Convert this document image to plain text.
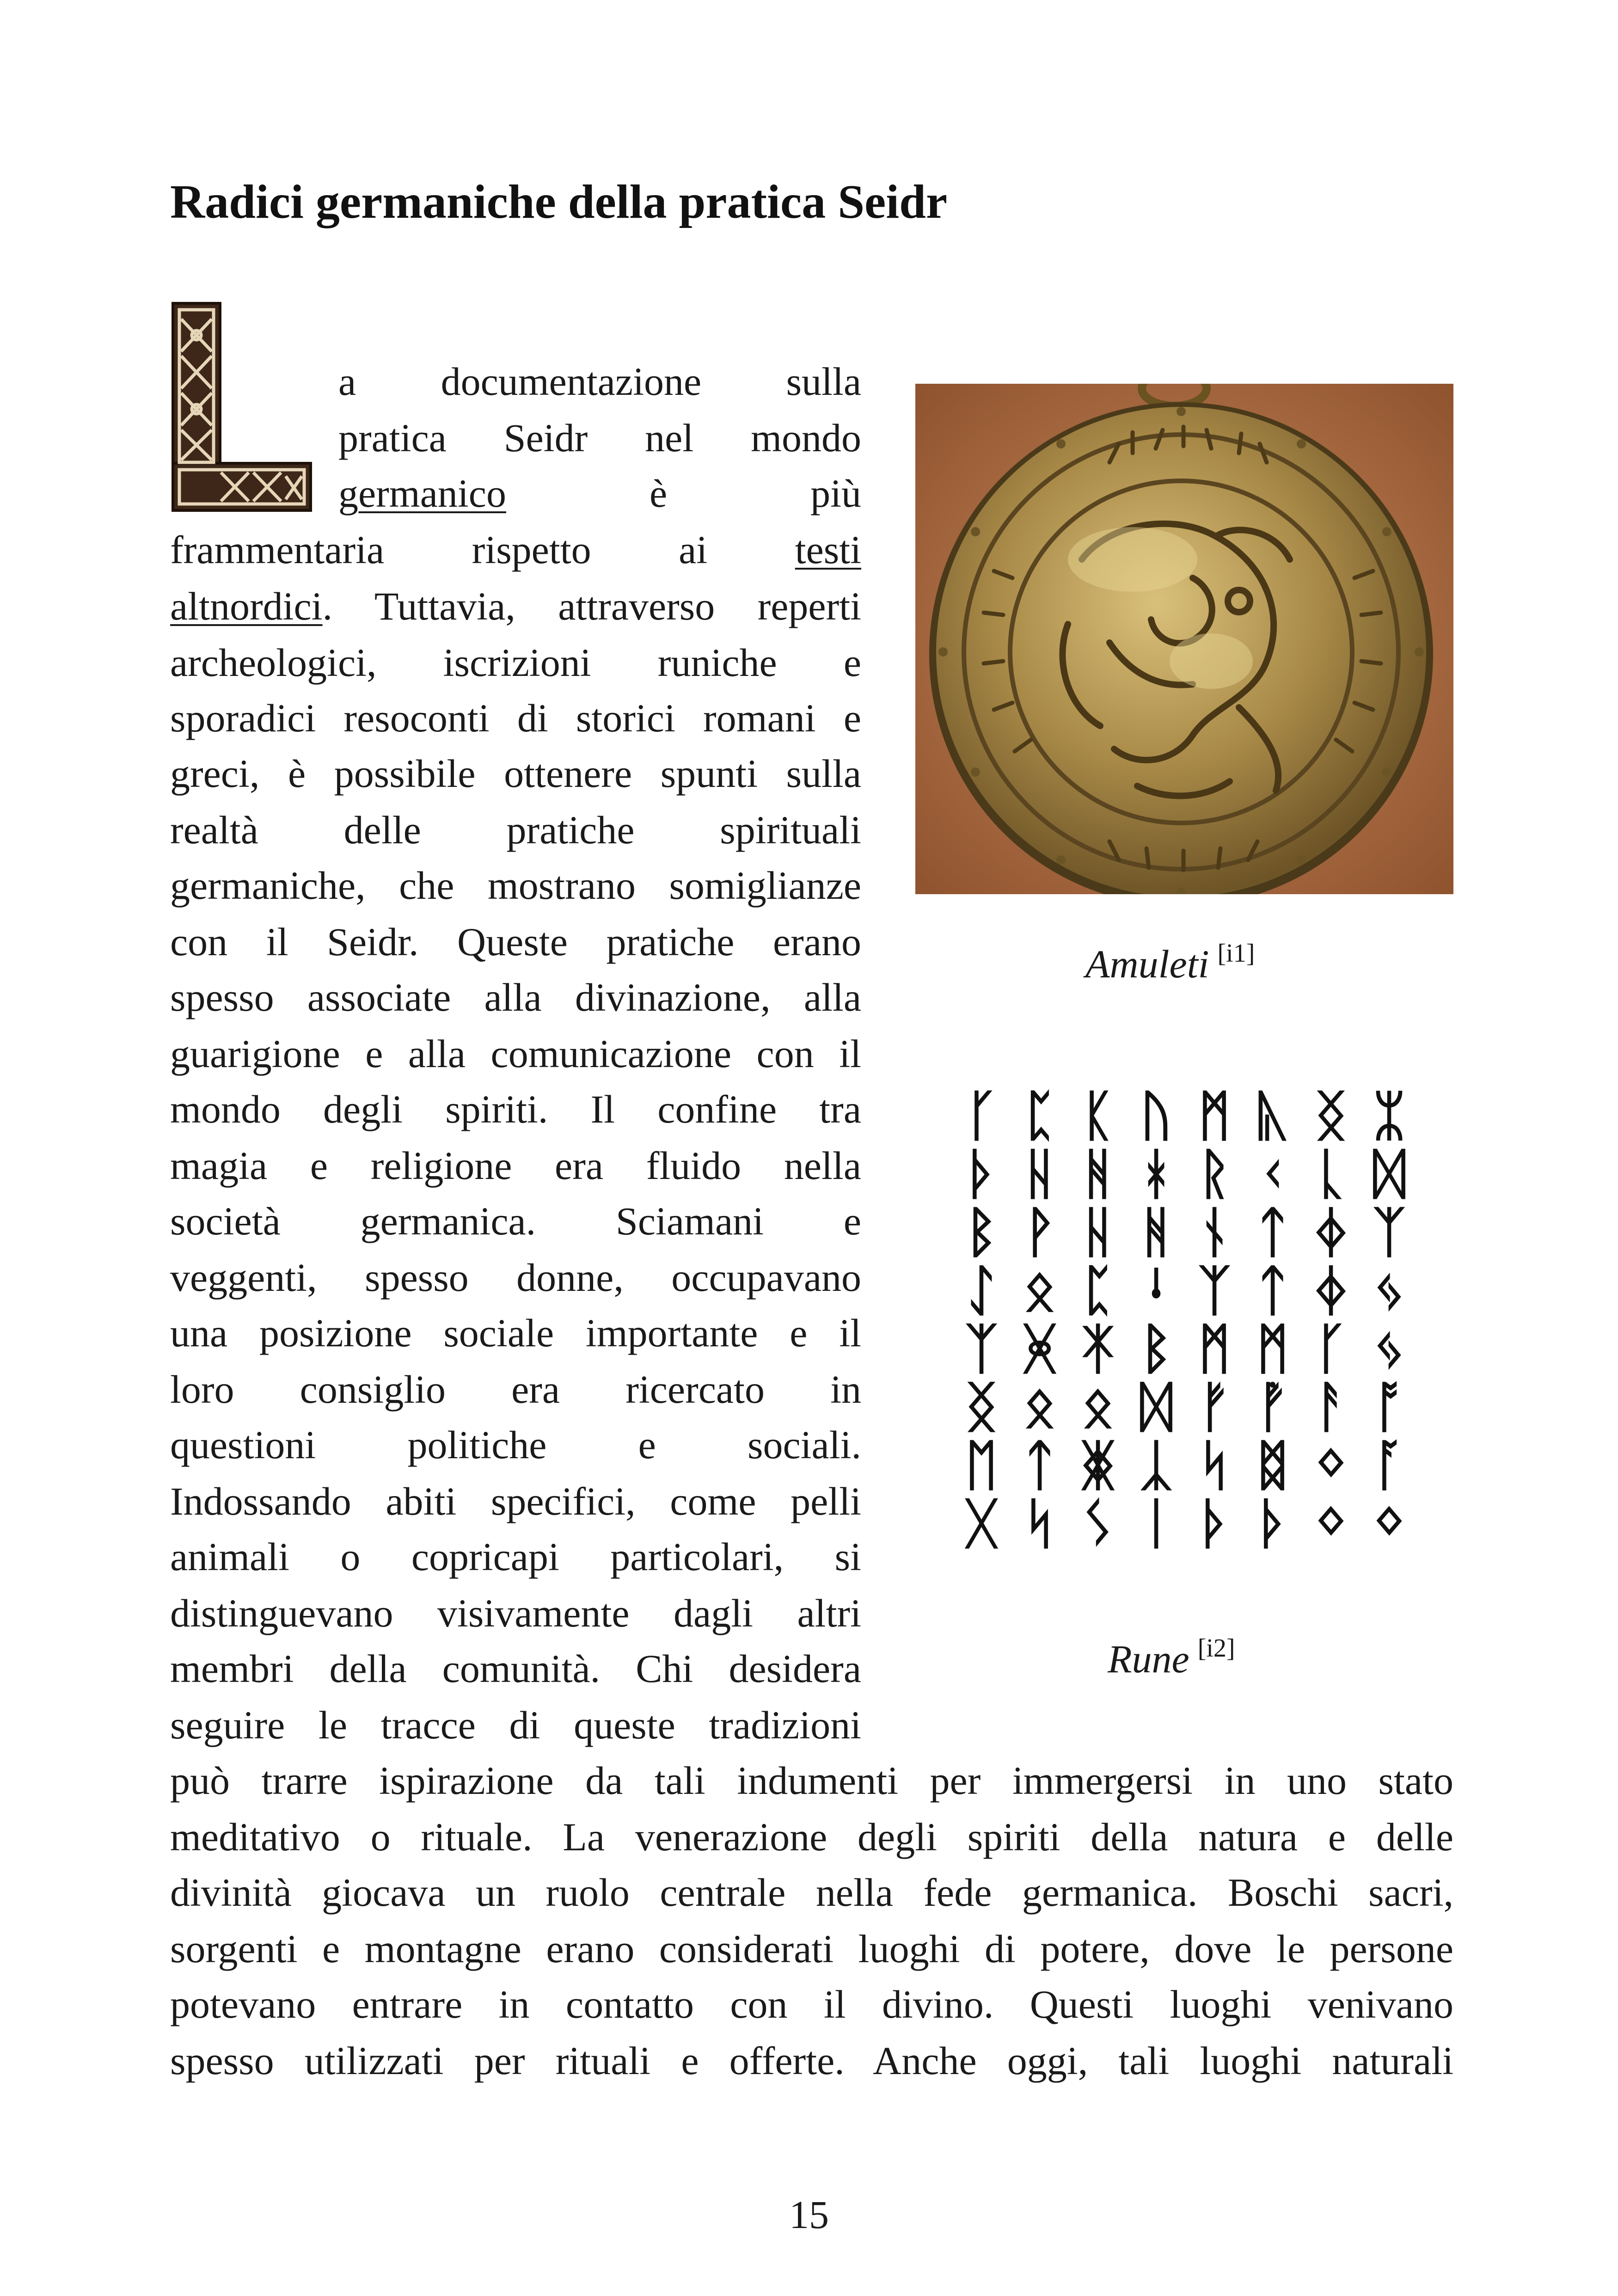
Radici germaniche della pratica Seidr

a documentazione sulla

pratica Seidr nel mondo

germanico	è	più

frammentaria rispetto ai testi

altnordici. Tuttavia, attraverso reperti

archeologici, iscrizioni runiche e

sporadici resoconti di storici romani e

greci, è possibile ottenere spunti sulla

realtà delle pratiche spirituali

germaniche, che mostrano somiglianze

con il Seidr. Queste pratiche erano

spesso associate alla divinazione, alla

guarigione e alla comunicazione con il

mondo degli spiriti. Il confine tra

magia e religione era fluido nella

società germanica. Sciamani e

veggenti, spesso donne, occupavano

una posizione sociale importante e il

loro consiglio era ricercato in

questioni politiche e sociali.

Indossando abiti specifici, come pelli

animali o copricapi particolari, si

distinguevano visivamente dagli altri

membri della comunità. Chi desidera

seguire le tracce di queste tradizioni

può trarre ispirazione da tali indumenti per immergersi in uno stato

meditativo o rituale. La venerazione degli spiriti della natura e delle

divinità giocava un ruolo centrale nella fede germanica. Boschi sacri,

sorgenti e montagne erano considerati luoghi di potere, dove le persone

potevano entrare in contatto con il divino. Questi luoghi venivano

spesso utilizzati per rituali e offerte. Anche oggi, tali luoghi naturali

Amuleti [i1]

ᚴ ᛈ ᛕ ᚢ ᛗ ᚣ ᛝ ᛯ
ᚦ ᚺ ᚻ ᚼ ᚱ ᚲ ᚳ ᛞ
ᛒ ᚹ ᚺ ᚻ ᚾ ᛏ ᛄ ᛉ
ᛇ ᛟ ᛈ ᛍ ᛉ ᛏ ᛄ ᛃ
ᛉ ᚸ ᛡ ᛒ ᛗ ᛗ ᚴ ᛃ
ᛝ ᛟ ᛟ ᛞ ᚠ ᚡ ᚨ ᚩ
ᛖ ᛏ ᛤ ᛣ ᛋ ᛥ ᛜ ᚪ
ᚷ ᛋ ᛊ ᛁ ᚦ ᚦ ᛜ ᛜ

Rune [i2]

15
